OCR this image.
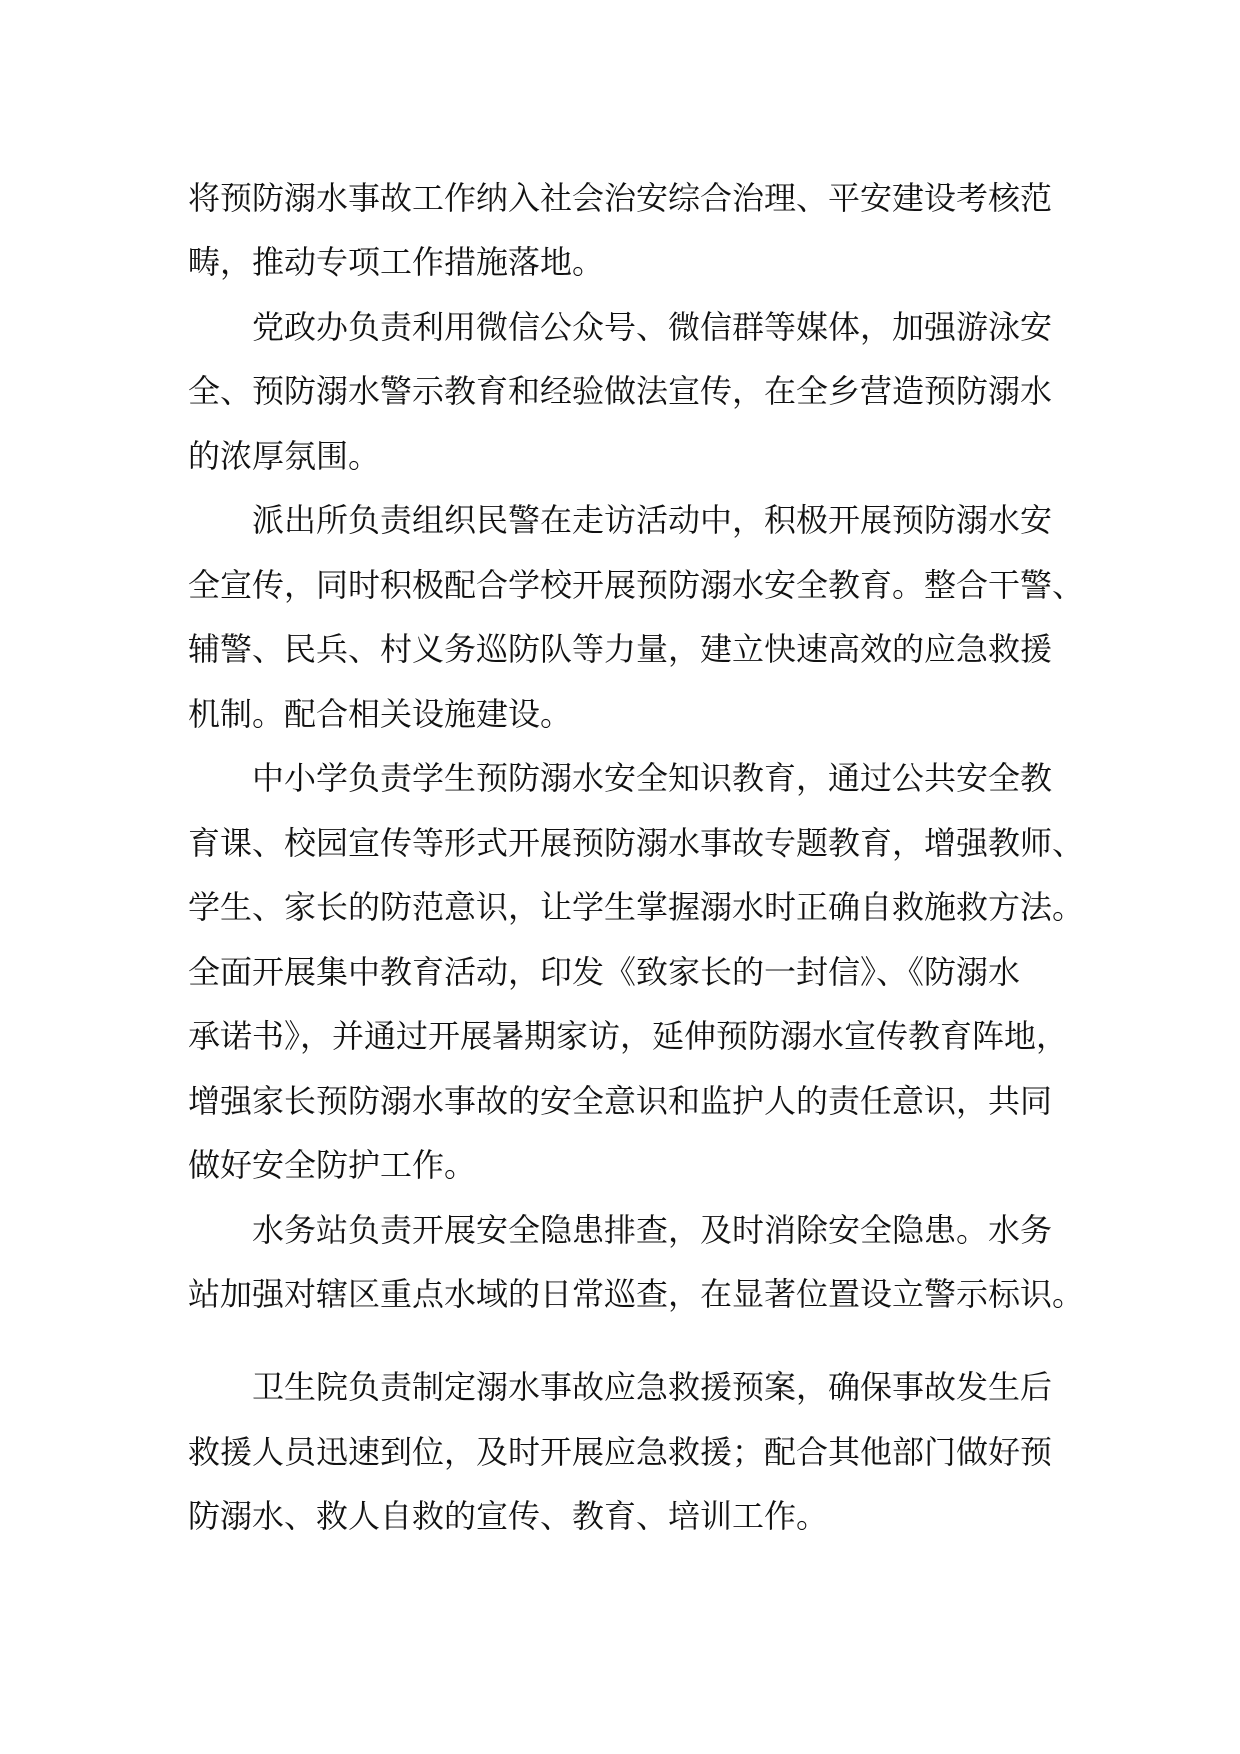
将预防溺水事故工作纳入社会治安综合治理、平安建设考核范

畴，推动专项工作措施落地。

党政办负责利用微信公众号、微信群等媒体，加强游泳安

全、预防溺水警示教育和经验做法宣传，在全乡营造预防溺水

的浓厚氛围。

派出所负责组织民警在走访活动中，积极开展预防溺水安

全宣传，同时积极配合学校开展预防溺水安全教育。整合干警、

辅警、民兵、村义务巡防队等力量，建立快速高效的应急救援

机制。配合相关设施建设。

中小学负责学生预防溺水安全知识教育，通过公共安全教

育课、校园宣传等形式开展预防溺水事故专题教育，增强教师、

学生、家长的防范意识，让学生掌握溺水时正确自救施救方法。

全面开展集中教育活动，印发《致家长的一封信》、《防溺水

承诺书》，并通过开展暑期家访，延伸预防溺水宣传教育阵地，

增强家长预防溺水事故的安全意识和监护人的责任意识，共同

做好安全防护工作。

水务站负责开展安全隐患排查，及时消除安全隐患。水务

站加强对辖区重点水域的日常巡查，在显著位置设立警示标识。

卫生院负责制定溺水事故应急救援预案，确保事故发生后

救援人员迅速到位，及时开展应急救援；配合其他部门做好预

防溺水、救人自救的宣传、教育、培训工作。
